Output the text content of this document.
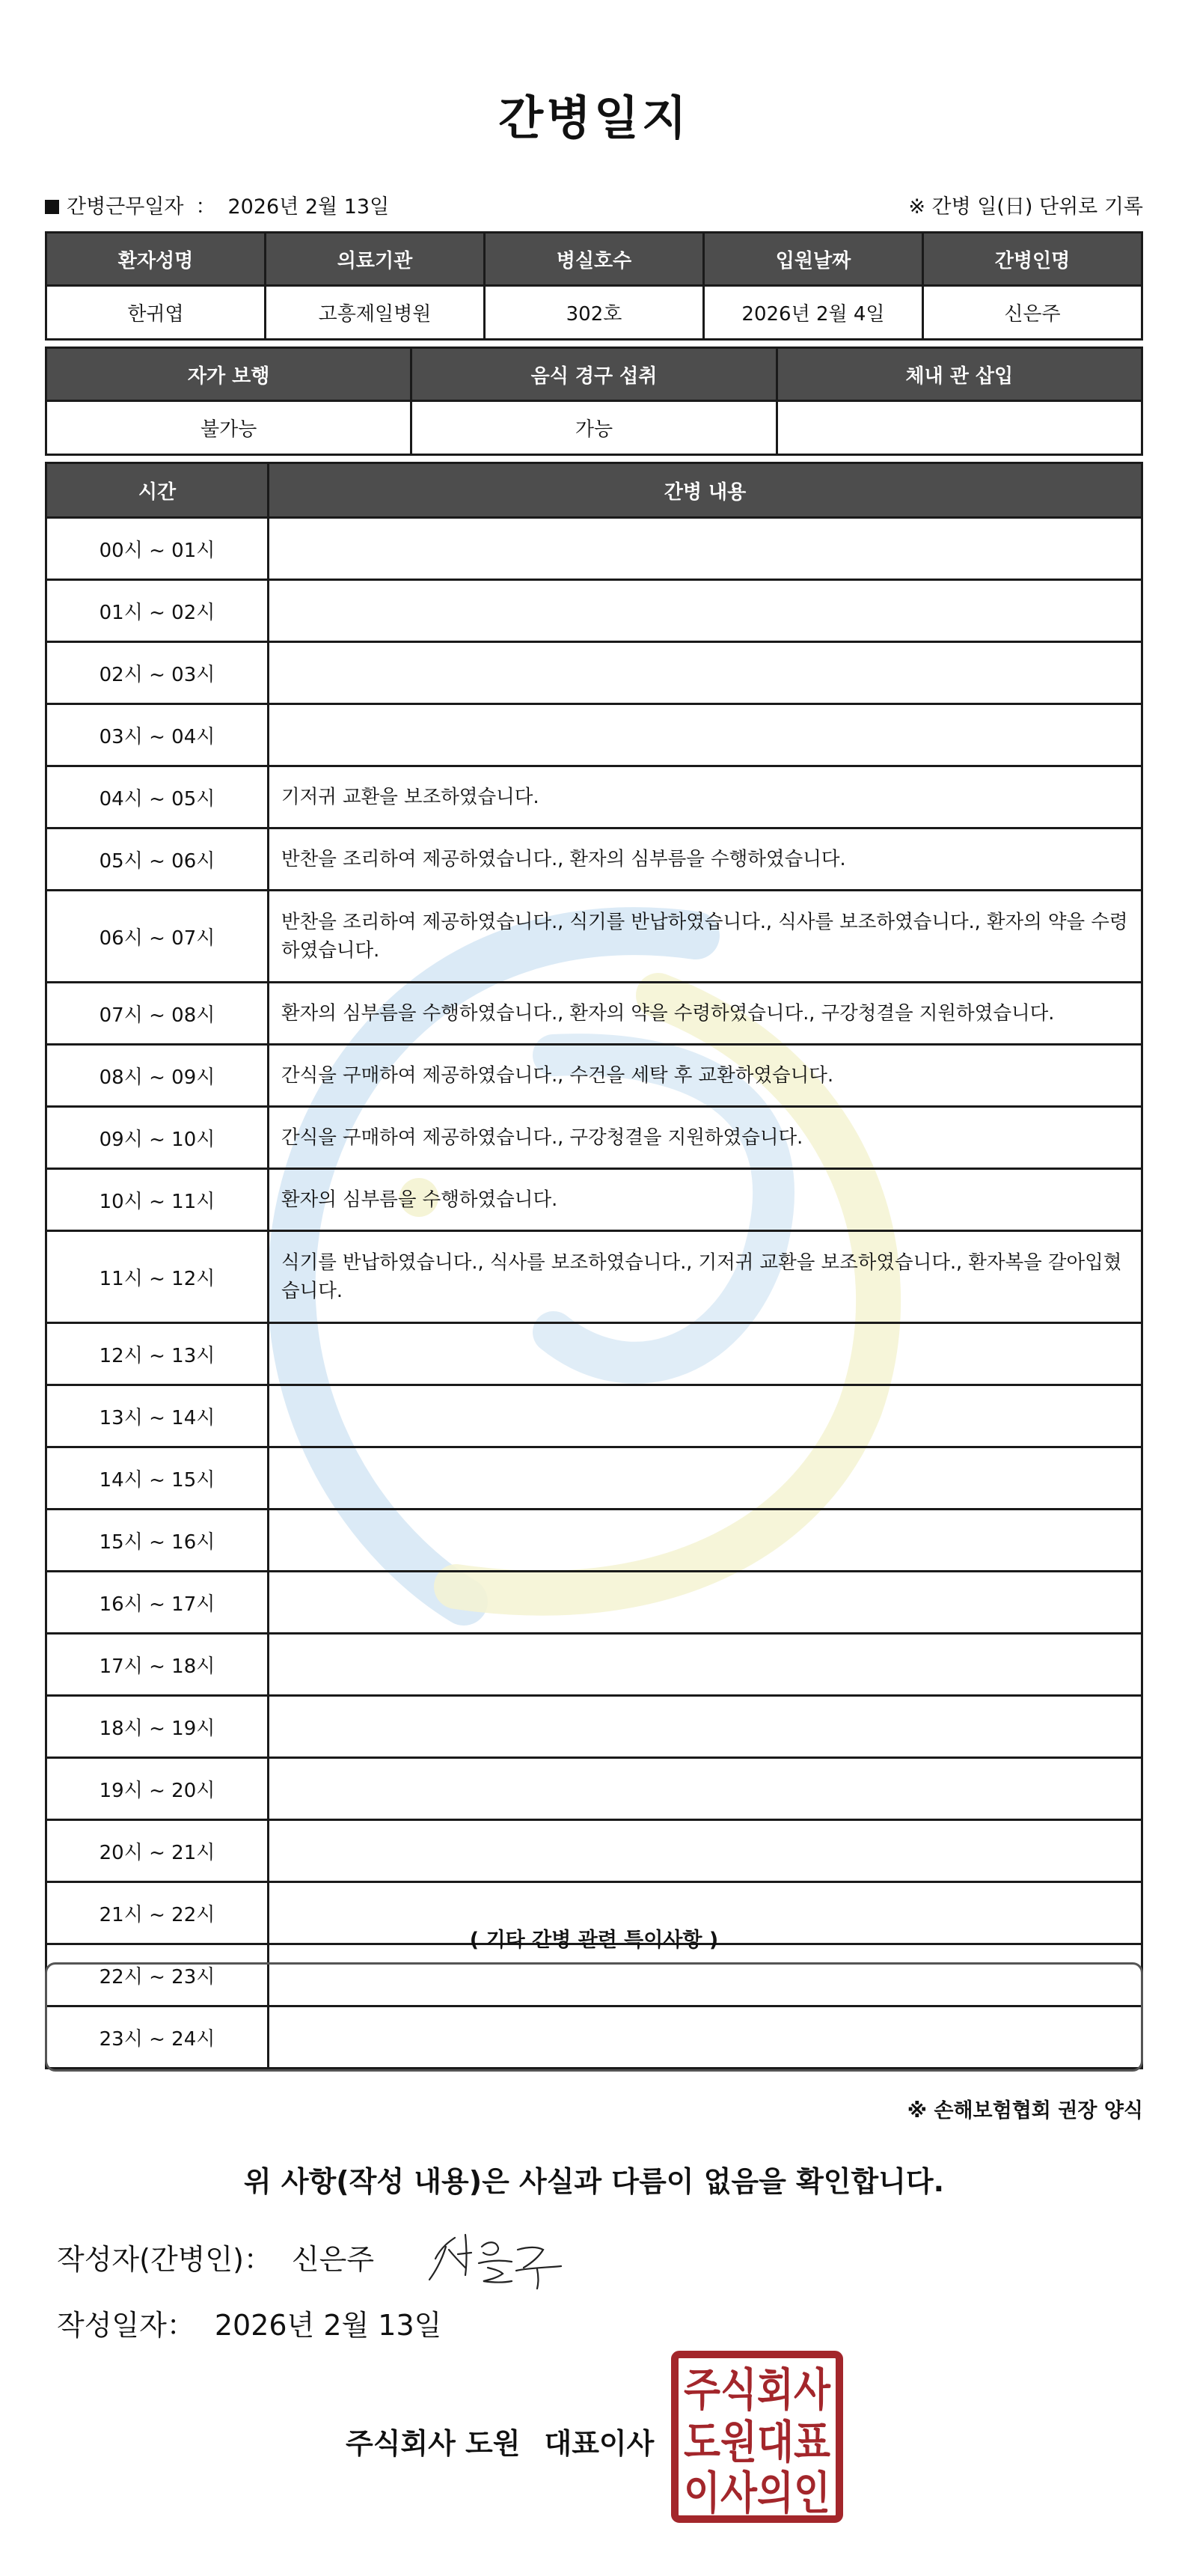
간병일지
간병근무일자 ： 2026년 2월 13일	※ 간병 일(日) 단위로 기록
환자성명	의료기관	병실호수	입원날짜	간병인명
한귀엽	고흥제일병원	302호	2026년 2월 4일	신은주
자가 보행	음식 경구 섭취	체내 관 삽입
불가능	가능	
시간	간병 내용
00시 ~ 01시	
01시 ~ 02시	
02시 ~ 03시	
03시 ~ 04시	
04시 ~ 05시	기저귀 교환을 보조하였습니다.
05시 ~ 06시	반찬을 조리하여 제공하였습니다., 환자의 심부름을 수행하였습니다.
06시 ~ 07시	반찬을 조리하여 제공하였습니다., 식기를 반납하였습니다., 식사를 보조하였습니다., 환자의 약을 수령하였습니다.
07시 ~ 08시	환자의 심부름을 수행하였습니다., 환자의 약을 수령하였습니다., 구강청결을 지원하였습니다.
08시 ~ 09시	간식을 구매하여 제공하였습니다., 수건을 세탁 후 교환하였습니다.
09시 ~ 10시	간식을 구매하여 제공하였습니다., 구강청결을 지원하였습니다.
10시 ~ 11시	환자의 심부름을 수행하였습니다.
11시 ~ 12시	식기를 반납하였습니다., 식사를 보조하였습니다., 기저귀 교환을 보조하였습니다., 환자복을 갈아입혔습니다.
12시 ~ 13시	
13시 ~ 14시	
14시 ~ 15시	
15시 ~ 16시	
16시 ~ 17시	
17시 ~ 18시	
18시 ~ 19시	
19시 ~ 20시	
20시 ~ 21시	
21시 ~ 22시	
22시 ~ 23시	
23시 ~ 24시	
( 기타 간병 관련 특이사항 )
※ 손해보험협회 권장 양식
위 사항(작성 내용)은 사실과 다름이 없음을 확인합니다.
작성자(간병인)： 신은주
작성일자： 2026년 2월 13일
주식회사 도원 대표이사
주식회사
도원대표
이사의인
